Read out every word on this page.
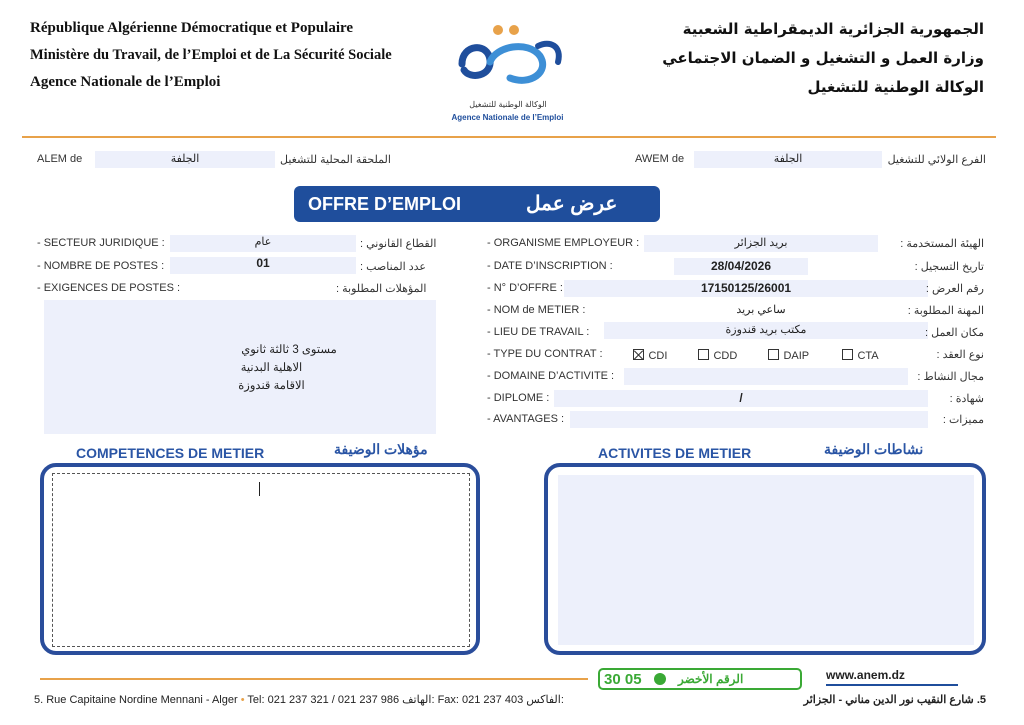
République Algérienne Démocratique et Populaire
Ministère du Travail, de l’Emploi et de La Sécurité Sociale
Agence Nationale de l’Emploi
الجمهورية الجزائرية الديمقراطية الشعبية
وزارة العمل و التشغيل و الضمان الاجتماعي
الوكالة الوطنية للتشغيل
الوكالة الوطنية للتشغيل
Agence Nationale de l’Emploi
ALEM de	الجلفة	الملحقة المحلية للتشغيل	AWEM de	الجلفة	الفرع الولائي للتشغيل
OFFRE D’EMPLOI	عرض عمل
- SECTEUR JURIDIQUE :	عام	القطاع القانوني :
- NOMBRE DE POSTES :	01	عدد المناصب :
- EXIGENCES DE POSTES :	المؤهلات المطلوبة :
مستوى 3 ثالثة ثانوي
الاهلية البدنية
الاقامة قندوزة
- ORGANISME EMPLOYEUR :	بريد الجزائر	الهيئة المستخدمة :
- DATE D’INSCRIPTION :	28/04/2026	تاريخ التسجيل :
- N° D’OFFRE :	17150125/26001	رقم العرض :
- NOM de METIER :	ساعي بريد	المهنة المطلوبة :
- LIEU DE TRAVAIL :	مكتب بريد قندوزة	مكان العمل :
- TYPE DU CONTRAT :	CDI	CDD	DAIP	CTA	نوع العقد :
- DOMAINE D’ACTIVITE :	مجال النشاط :
- DIPLOME :	/	شهادة :
- AVANTAGES :	مميزات :
COMPETENCES DE METIER	مؤهلات الوضيفة	ACTIVITES DE METIER	نشاطات الوضيفة
30 05	الرقم الأخضر	www.anem.dz
5. Rue Capitaine Nordine Mennani - Alger • Tel: 021 237 321 / 021 237 986 الهاتف: Fax: 021 237 403 الفاكس:	5. شارع النقيب نور الدين مناني - الجزائر
